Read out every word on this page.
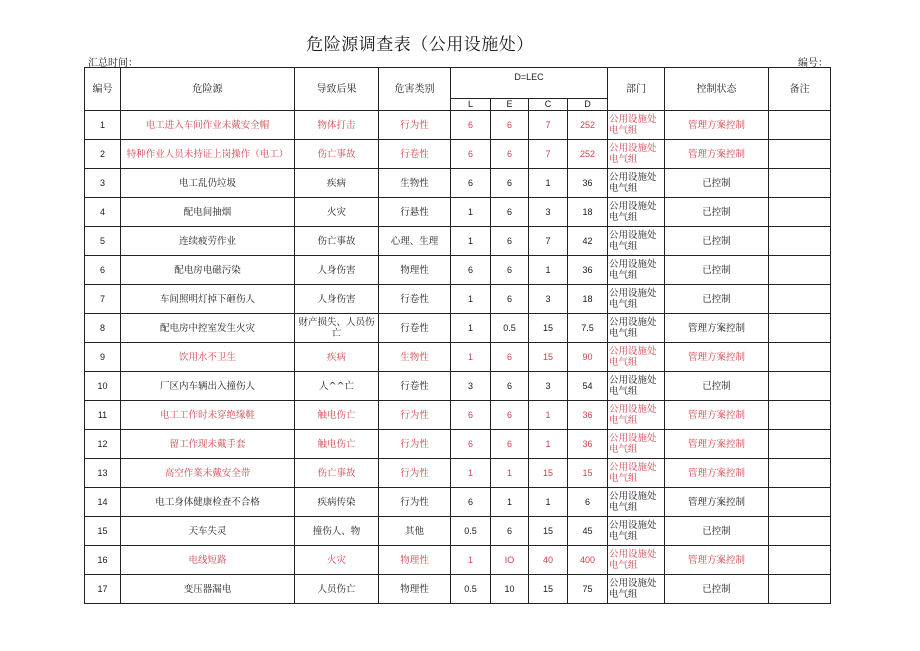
危险源调查表（公用设施处）
汇总时间：	编号：
编号	危险源	导致后果	危害类别	D=LEC				部门	控制状态	备注
				L	E	C	D			
1	电工进入车间作业未戴安全帽	物体打击	行为性	6	6	7	252	公用设施处电气组	管理方案控制	
2	特种作业人员未持证上岗操作（电工）	伤亡事故	行卷性	6	6	7	252	公用设施处电气组	管理方案控制	
3	电工乱仍垃圾	疾病	生物性	6	6	1	36	公用设施处电气组	已控制	
4	配电间抽烟	火灾	行悬性	1	6	3	18	公用设施处电气组	已控制	
5	连续疲劳作业	伤亡事故	心理、生理	1	6	7	42	公用设施处电气组	已控制	
6	配电房电磁污染	人身伤害	物理性	6	6	1	36	公用设施处电气组	已控制	
7	车间照明灯掉下砸伤人	人身伤害	行卷性	1	6	3	18	公用设施处电气组	已控制	
8	配电房中控室发生火灾	财产损失、人员伤亡	行卷性	1	0.5	15	7.5	公用设施处电气组	管理方案控制	
9	饮用水不卫生	疾病	生物性	1	6	15	90	公用设施处电气组	管理方案控制	
10	厂区内车辆出入撞伤人	人^^亡	行卷性	3	6	3	54	公用设施处电气组	已控制	
11	电工工作时未穿绝缘鞋	触电伤亡	行为性	6	6	1	36	公用设施处电气组	管理方案控制	
12	留工作现未戴手套	触电伤亡	行为性	6	6	1	36	公用设施处电气组	管理方案控制	
13	高空作業未戴安全带	伤亡事故	行为性	1	1	15	15	公用设施处电气组	管理方案控制	
14	电工身体健康检查不合格	疾病传染	行为性	6	1	1	6	公用设施处电气组	管理方案控制	
15	天车失灵	撞伤人、物	其他	0.5	6	15	45	公用设施处电气组	已控制	
16	电线短路	火灾	物理性	1	IO	40	400	公用设施处电气组	管理方案控制	
17	变压器漏电	人员伤亡	物理性	0.5	10	15	75	公用设施处电气组	已控制	
